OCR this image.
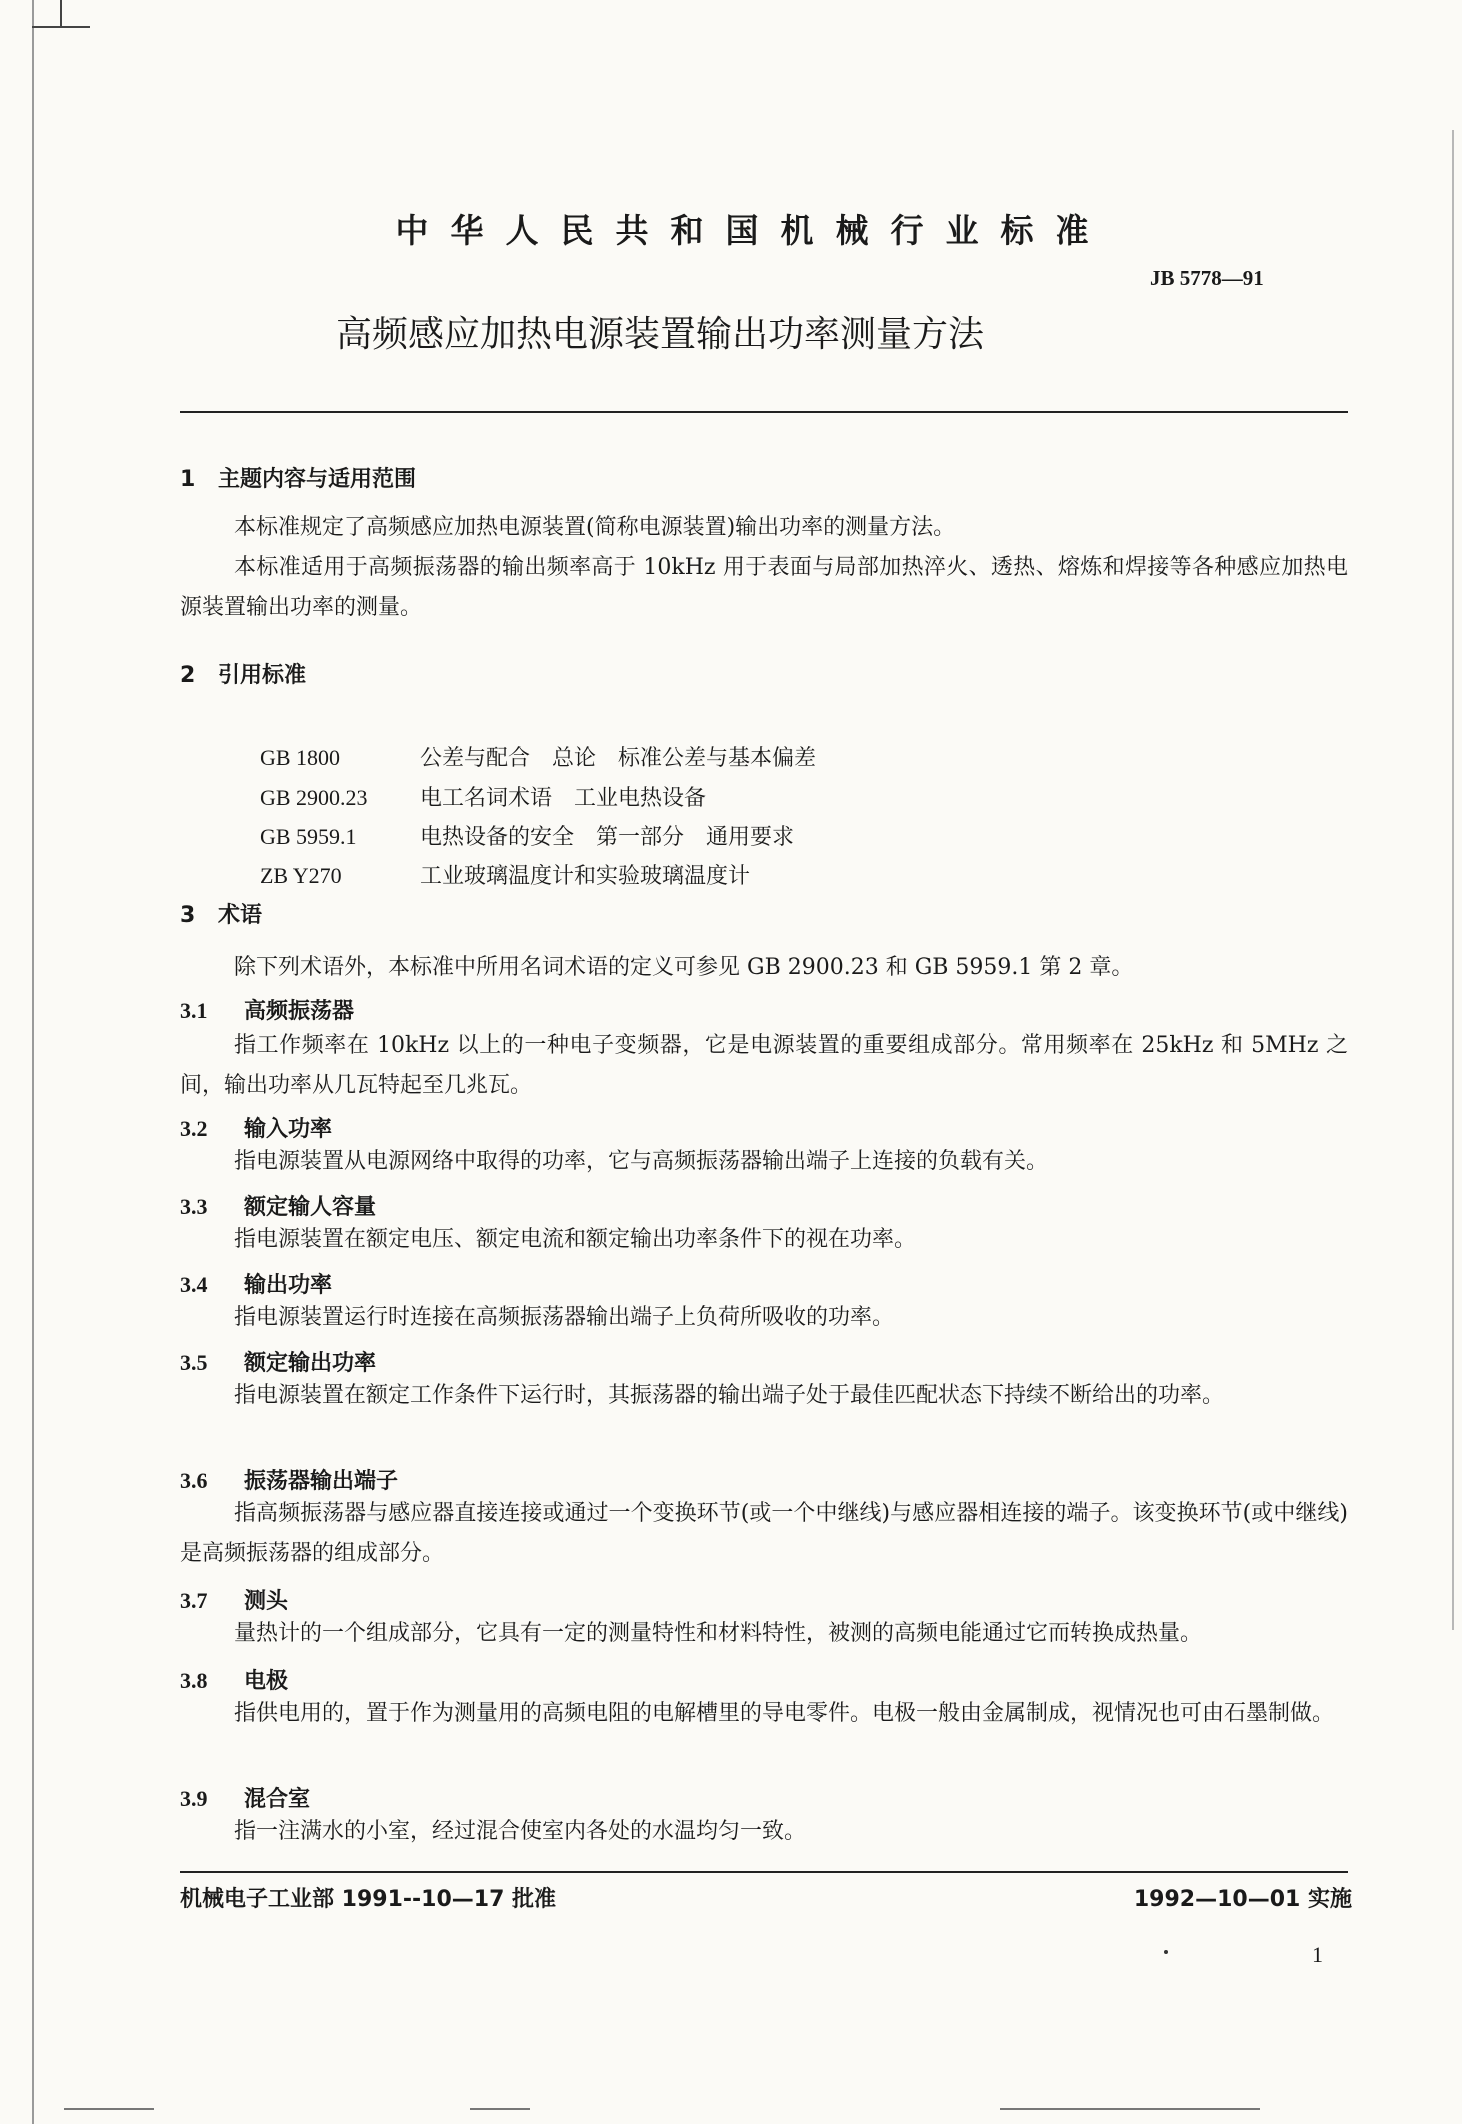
中华人民共和国机械行业标准
JB 5778—91
高频感应加热电源装置输出功率测量方法
1 主题内容与适用范围
本标准规定了高频感应加热电源装置(简称电源装置)输出功率的测量方法。
本标准适用于高频振荡器的输出频率高于 10kHz 用于表面与局部加热淬火、透热、熔炼和焊接等各种感应加热电源装置输出功率的测量。
2 引用标准

GB 1800	公差与配合　总论　标准公差与基本偏差

GB 2900.23 电工名词术语　工业电热设备

GB 5959.1	电热设备的安全　第一部分　通用要求

ZB Y270	工业玻璃温度计和实验玻璃温度计

3 术语
除下列术语外，本标准中所用名词术语的定义可参见 GB 2900.23 和 GB 5959.1 第 2 章。
3.1 高频振荡器
指工作频率在 10kHz 以上的一种电子变频器，它是电源装置的重要组成部分。常用频率在 25kHz 和 5MHz 之间，输出功率从几瓦特起至几兆瓦。
3.2 输入功率
指电源装置从电源网络中取得的功率，它与高频振荡器输出端子上连接的负载有关。
3.3 额定输人容量
指电源装置在额定电压、额定电流和额定输出功率条件下的视在功率。
3.4 输出功率
指电源装置运行时连接在高频振荡器输出端子上负荷所吸收的功率。
3.5 额定输出功率
指电源装置在额定工作条件下运行时，其振荡器的输出端子处于最佳匹配状态下持续不断给出的功率。
3.6 振荡器输出端子
指高频振荡器与感应器直接连接或通过一个变换环节(或一个中继线)与感应器相连接的端子。该变换环节(或中继线)是高频振荡器的组成部分。
3.7 测头
量热计的一个组成部分，它具有一定的测量特性和材料特性，被测的高频电能通过它而转换成热量。
3.8 电极
指供电用的，置于作为测量用的高频电阻的电解槽里的导电零件。电极一般由金属制成，视情况也可由石墨制做。
3.9 混合室
指一注满水的小室，经过混合使室内各处的水温均匀一致。
机械电子工业部 1991--10—17 批准	1992—10—01 实施
1
